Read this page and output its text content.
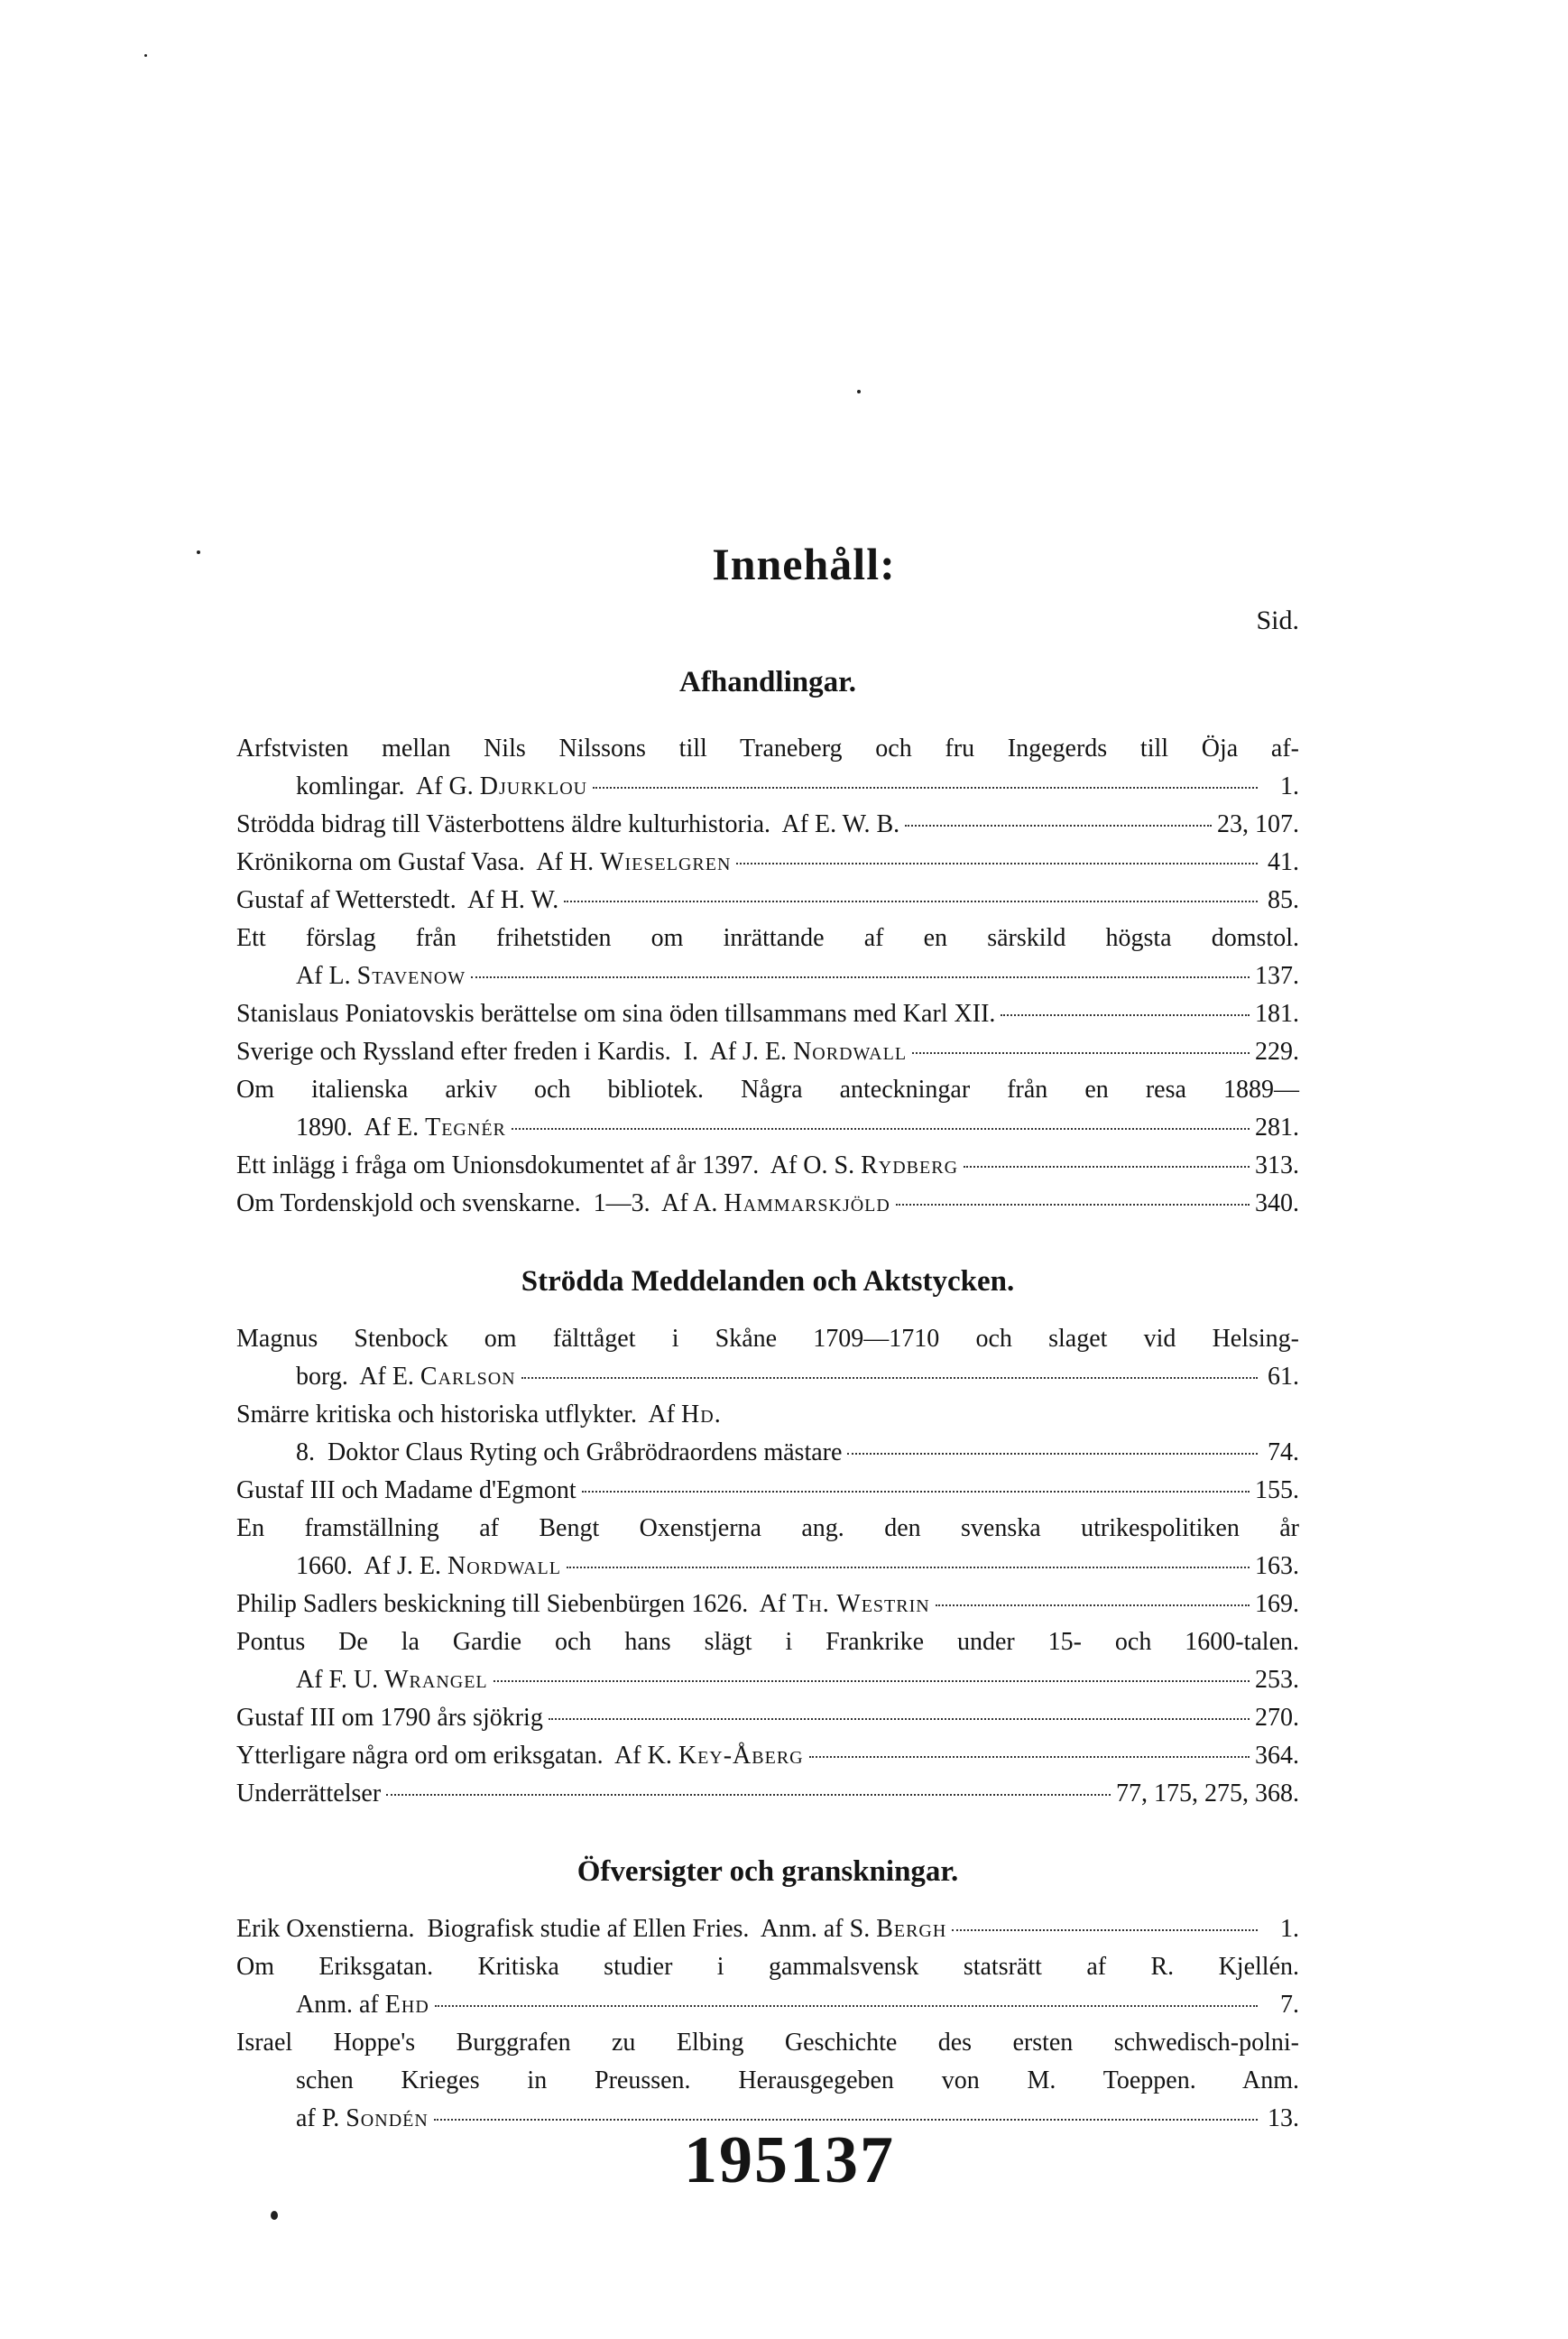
Innehåll:
Sid.
Afhandlingar.
Arfstvisten mellan Nils Nilssons till Traneberg och fru Ingegerds till Öja af-
komlingar.  Af G. Djurklou	1.
Strödda bidrag till Västerbottens äldre kulturhistoria.  Af E. W. B.	23, 107.
Krönikorna om Gustaf Vasa.  Af H. Wieselgren	41.
Gustaf af Wetterstedt.  Af H. W.	85.
Ett förslag från frihetstiden om inrättande af en särskild högsta domstol.
Af L. Stavenow	137.
Stanislaus Poniatovskis berättelse om sina öden tillsammans med Karl XII.	181.
Sverige och Ryssland efter freden i Kardis.  I.  Af J. E. Nordwall	229.
Om italienska arkiv och bibliotek. Några anteckningar från en resa 1889—
1890.  Af E. Tegnér	281.
Ett inlägg i fråga om Unionsdokumentet af år 1397.  Af O. S. Rydberg	313.
Om Tordenskjold och svenskarne.  1—3.  Af A. Hammarskjöld	340.
Strödda Meddelanden och Aktstycken.
Magnus Stenbock om fälttåget i Skåne 1709—1710 och slaget vid Helsing-
borg.  Af E. Carlson	61.
Smärre kritiska och historiska utflykter.  Af Hd .
8.  Doktor Claus Ryting och Gråbrödraordens mästare	74.
Gustaf III och Madame d'Egmont	155.
En framställning af Bengt Oxenstjerna ang. den svenska utrikespolitiken år
1660.  Af J. E. Nordwall	163.
Philip Sadlers beskickning till Siebenbürgen 1626.  Af Th. Westrin	169.
Pontus De la Gardie och hans slägt i Frankrike under 15- och 1600-talen.
Af F. U. Wrangel	253.
Gustaf III om 1790 års sjökrig	270.
Ytterligare några ord om eriksgatan.  Af K. Key-Åberg	364.
Underrättelser	77, 175, 275, 368.
Öfversigter och granskningar.
Erik Oxenstierna.  Biografisk studie af Ellen Fries.  Anm. af S. Bergh	1.
Om Eriksgatan. Kritiska studier i gammalsvensk statsrätt af R. Kjellén.
Anm. af Ehd	7.
Israel Hoppe's Burggrafen zu Elbing Geschichte des ersten schwedisch-polni-
schen Krieges in Preussen. Herausgegeben von M. Toeppen. Anm.
af P. Sondén	13.
195137
